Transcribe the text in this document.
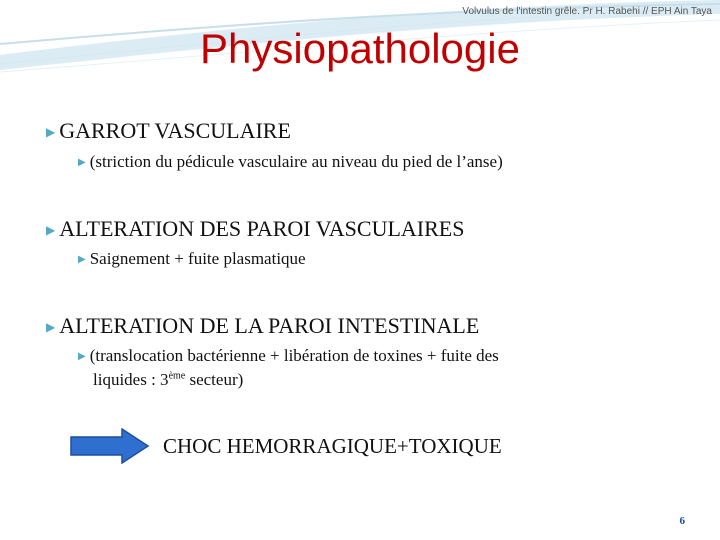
Volvulus de l'intestin grêle. Pr H. Rabehi // EPH Ain Taya
Physiopathologie
▶ GARROT VASCULAIRE
▶ (striction du pédicule vasculaire au niveau du pied de l’anse)
▶ ALTERATION DES PAROI VASCULAIRES
▶ Saignement + fuite plasmatique
▶ ALTERATION DE LA PAROI INTESTINALE
▶ (translocation bactérienne + libération de toxines + fuite des
liquides : 3ème secteur)
CHOC HEMORRAGIQUE+TOXIQUE
6
